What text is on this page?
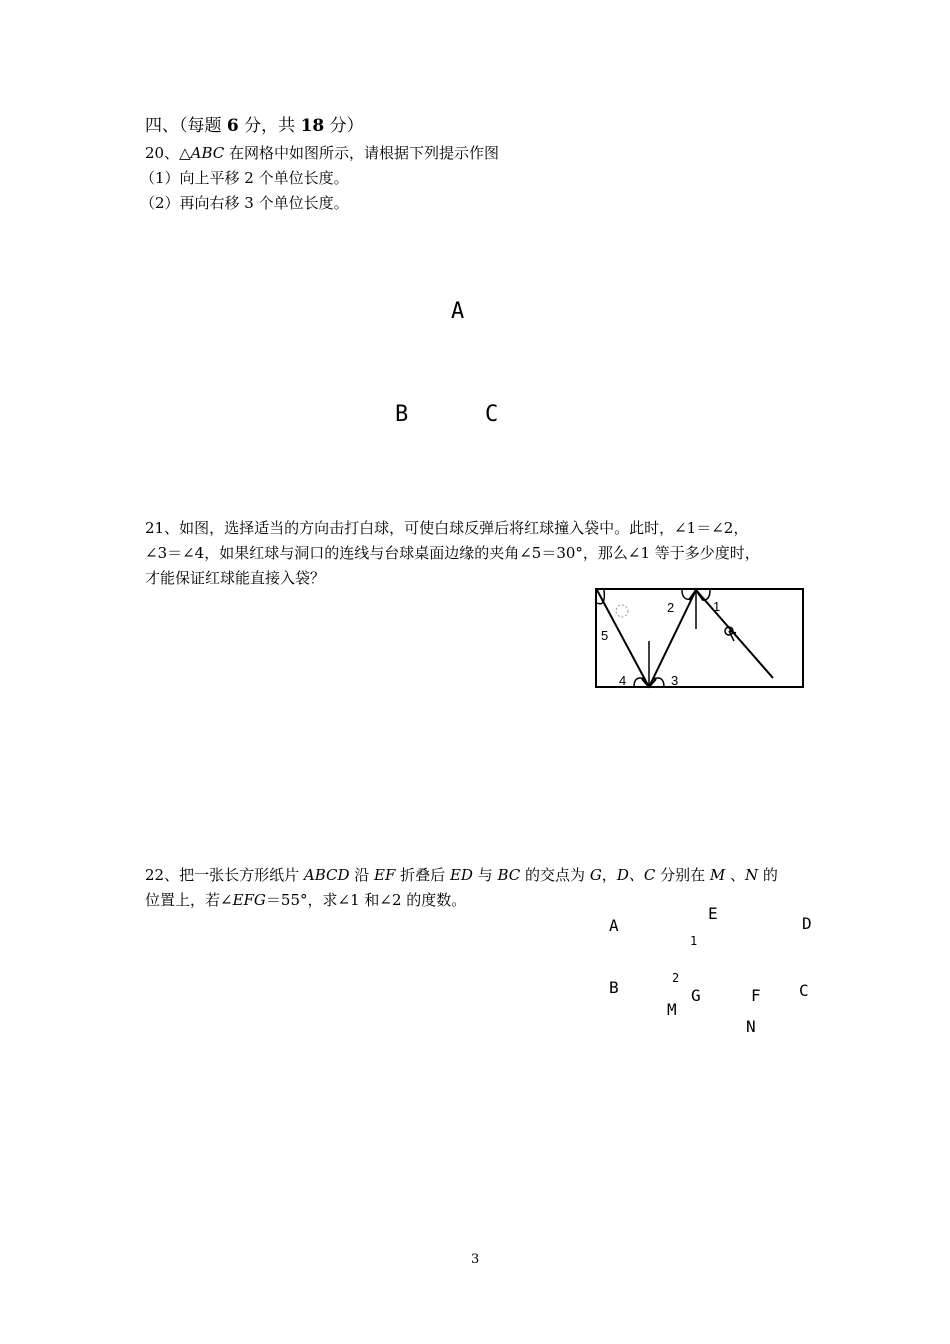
四、（每题 6 分，共 18 分）
20、△ABC 在网格中如图所示，请根据下列提示作图
（1）向上平移 2 个单位长度。
（2）再向右移 3 个单位长度。
A
B	C
21、如图，选择适当的方向击打白球，可使白球反弹后将红球撞入袋中。此时，∠1＝∠2，
∠3＝∠4，如果红球与洞口的连线与台球桌面边缘的夹角∠5＝30°，那么∠1 等于多少度时，
才能保证红球能直接入袋？
5
4	3
2	1
22、把一张长方形纸片 ABCD 沿 EF 折叠后 ED 与 BC 的交点为 G，D、C 分别在 M 、N 的
位置上，若∠EFG＝55°，求∠1 和∠2 的度数。
A
E
D
1
2
B	G	F C
M
N
3
